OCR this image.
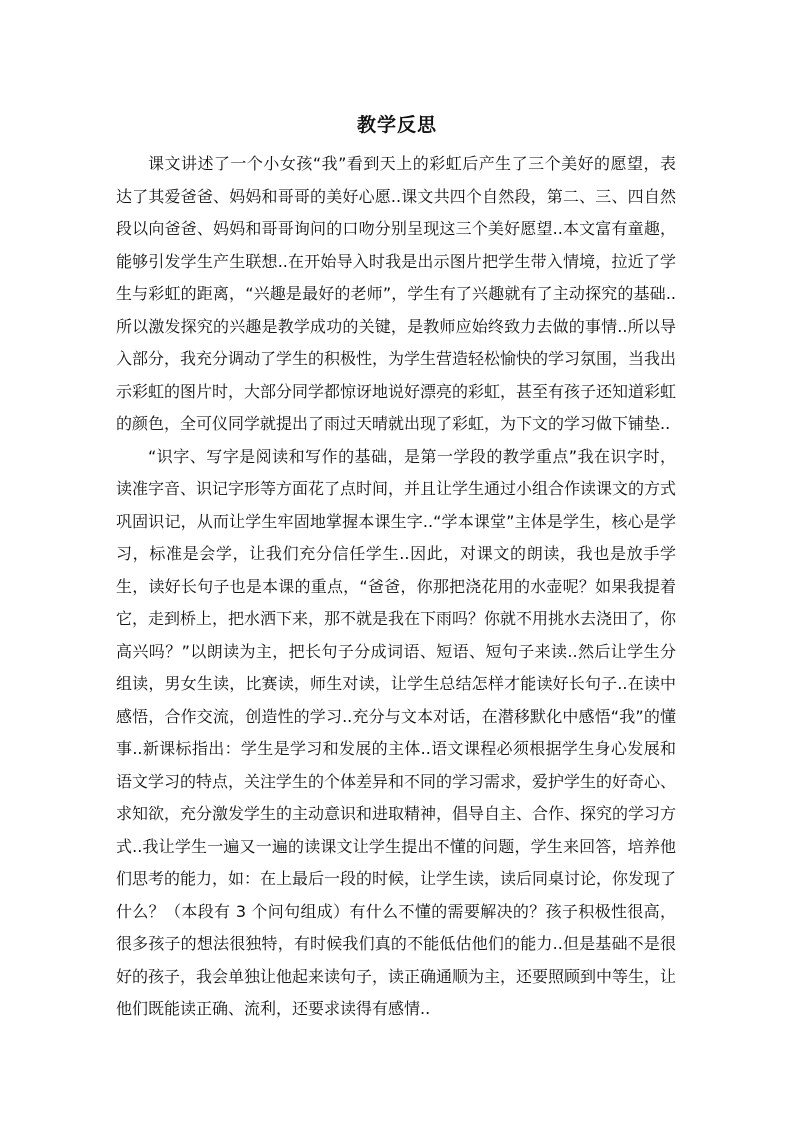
教学反思

课文讲述了一个小女孩“我”看到天上的彩虹后产生了三个美好的愿望，表达了其爱爸爸、妈妈和哥哥的美好心愿..课文共四个自然段，第二、三、四自然段以向爸爸、妈妈和哥哥询问的口吻分别呈现这三个美好愿望..本文富有童趣，能够引发学生产生联想..在开始导入时我是出示图片把学生带入情境，拉近了学生与彩虹的距离，“兴趣是最好的老师”，学生有了兴趣就有了主动探究的基础..所以激发探究的兴趣是教学成功的关键，是教师应始终致力去做的事情..所以导入部分，我充分调动了学生的积极性，为学生营造轻松愉快的学习氛围，当我出示彩虹的图片时，大部分同学都惊讶地说好漂亮的彩虹，甚至有孩子还知道彩虹的颜色，全可仪同学就提出了雨过天晴就出现了彩虹，为下文的学习做下铺垫..

“识字、写字是阅读和写作的基础，是第一学段的教学重点”我在识字时，读准字音、识记字形等方面花了点时间，并且让学生通过小组合作读课文的方式巩固识记，从而让学生牢固地掌握本课生字..“学本课堂”主体是学生，核心是学习，标准是会学，让我们充分信任学生..因此，对课文的朗读，我也是放手学生，读好长句子也是本课的重点，“爸爸，你那把浇花用的水壶呢？如果我提着它，走到桥上，把水洒下来，那不就是我在下雨吗？你就不用挑水去浇田了，你高兴吗？”以朗读为主，把长句子分成词语、短语、短句子来读..然后让学生分组读，男女生读，比赛读，师生对读，让学生总结怎样才能读好长句子..在读中感悟，合作交流，创造性的学习..充分与文本对话，在潜移默化中感悟“我”的懂事..新课标指出：学生是学习和发展的主体..语文课程必须根据学生身心发展和语文学习的特点，关注学生的个体差异和不同的学习需求，爱护学生的好奇心、求知欲，充分激发学生的主动意识和进取精神，倡导自主、合作、探究的学习方式..我让学生一遍又一遍的读课文让学生提出不懂的问题，学生来回答，培养他们思考的能力，如：在上最后一段的时候，让学生读，读后同桌讨论，你发现了什么？（本段有 3 个问句组成）有什么不懂的需要解决的？孩子积极性很高，很多孩子的想法很独特，有时候我们真的不能低估他们的能力..但是基础不是很好的孩子，我会单独让他起来读句子，读正确通顺为主，还要照顾到中等生，让他们既能读正确、流利，还要求读得有感情..
